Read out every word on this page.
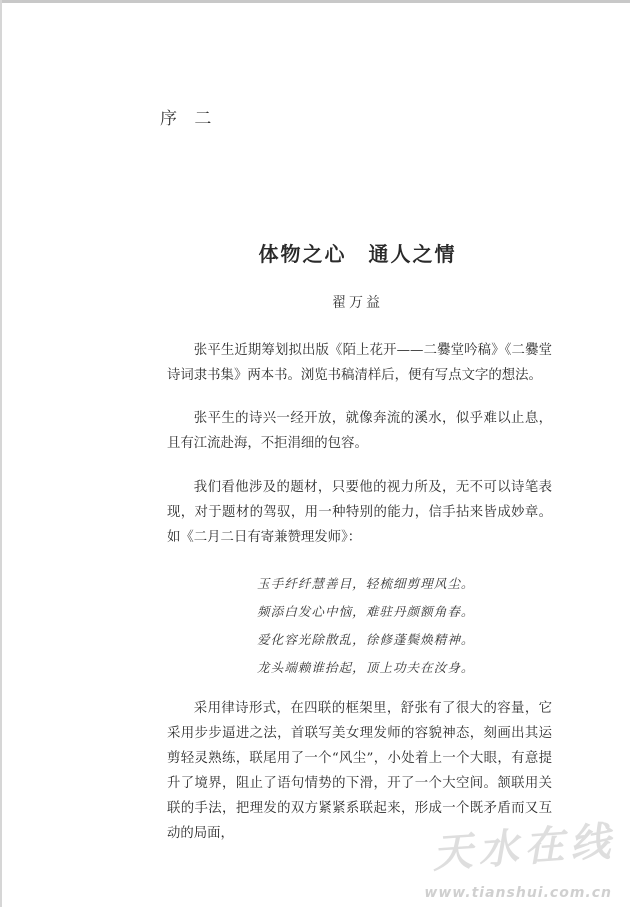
序 二
体物之心 通人之情
翟万益

张平生近期筹划拟出版《陌上花开——二爨堂吟稿》《二爨堂诗词隶书集》两本书。浏览书稿清样后，便有写点文字的想法。

张平生的诗兴一经开放，就像奔流的溪水，似乎难以止息，且有江流赴海，不拒涓细的包容。

我们看他涉及的题材，只要他的视力所及，无不可以诗笔表现，对于题材的驾驭，用一种特别的能力，信手拈来皆成妙章。如《二月二日有寄兼赞理发师》：

玉手纤纤慧善目，轻梳细剪理风尘。
频添白发心中恼，难驻丹颜额角春。
爱化容光除散乱，徐修蓬鬓焕精神。
龙头端赖谁抬起，顶上功夫在汝身。

采用律诗形式，在四联的框架里，舒张有了很大的容量，它采用步步逼进之法，首联写美女理发师的容貌神态，刻画出其运剪轻灵熟练，联尾用了一个“风尘”，小处着上一个大眼，有意提升了境界，阻止了语句情势的下滑，开了一个大空间。颔联用关联的手法，把理发的双方紧紧系联起来，形成一个既矛盾而又互动的局面，	天水在线
www.tianshui.com.cn
